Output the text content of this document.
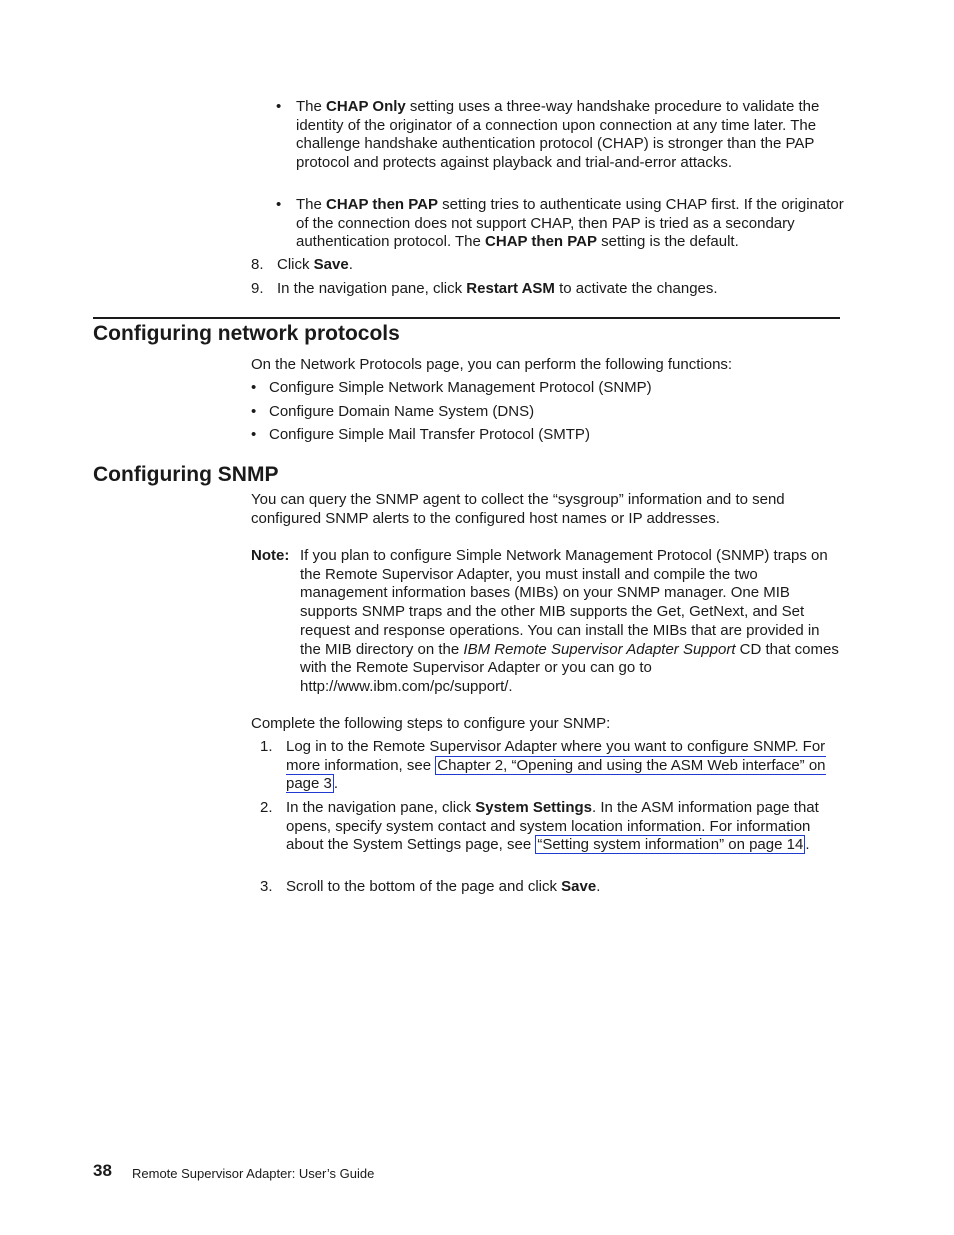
• The CHAP Only setting uses a three-way handshake procedure to validate the identity of the originator of a connection upon connection at any time later. The challenge handshake authentication protocol (CHAP) is stronger than the PAP protocol and protects against playback and trial-and-error attacks.

• The CHAP then PAP setting tries to authenticate using CHAP first. If the originator of the connection does not support CHAP, then PAP is tried as a secondary authentication protocol. The CHAP then PAP setting is the default.

8. Click Save.

9. In the navigation pane, click Restart ASM to activate the changes.

Configuring network protocols

On the Network Protocols page, you can perform the following functions:

• Configure Simple Network Management Protocol (SNMP)

• Configure Domain Name System (DNS)

• Configure Simple Mail Transfer Protocol (SMTP)

Configuring SNMP

You can query the SNMP agent to collect the “sysgroup” information and to send configured SNMP alerts to the configured host names or IP addresses.

Note: If you plan to configure Simple Network Management Protocol (SNMP) traps on the Remote Supervisor Adapter, you must install and compile the two management information bases (MIBs) on your SNMP manager. One MIB supports SNMP traps and the other MIB supports the Get, GetNext, and Set request and response operations. You can install the MIBs that are provided in the MIB directory on the IBM Remote Supervisor Adapter Support CD that comes with the Remote Supervisor Adapter or you can go to http://www.ibm.com/pc/support/.

Complete the following steps to configure your SNMP:

1. Log in to the Remote Supervisor Adapter where you want to configure SNMP. For more information, see Chapter 2, “Opening and using the ASM Web interface” on page 3 .

2. In the navigation pane, click System Settings. In the ASM information page that opens, specify system contact and system location information. For information about the System Settings page, see “Setting system information” on page 14 .

3. Scroll to the bottom of the page and click Save.

38 Remote Supervisor Adapter: User’s Guide
